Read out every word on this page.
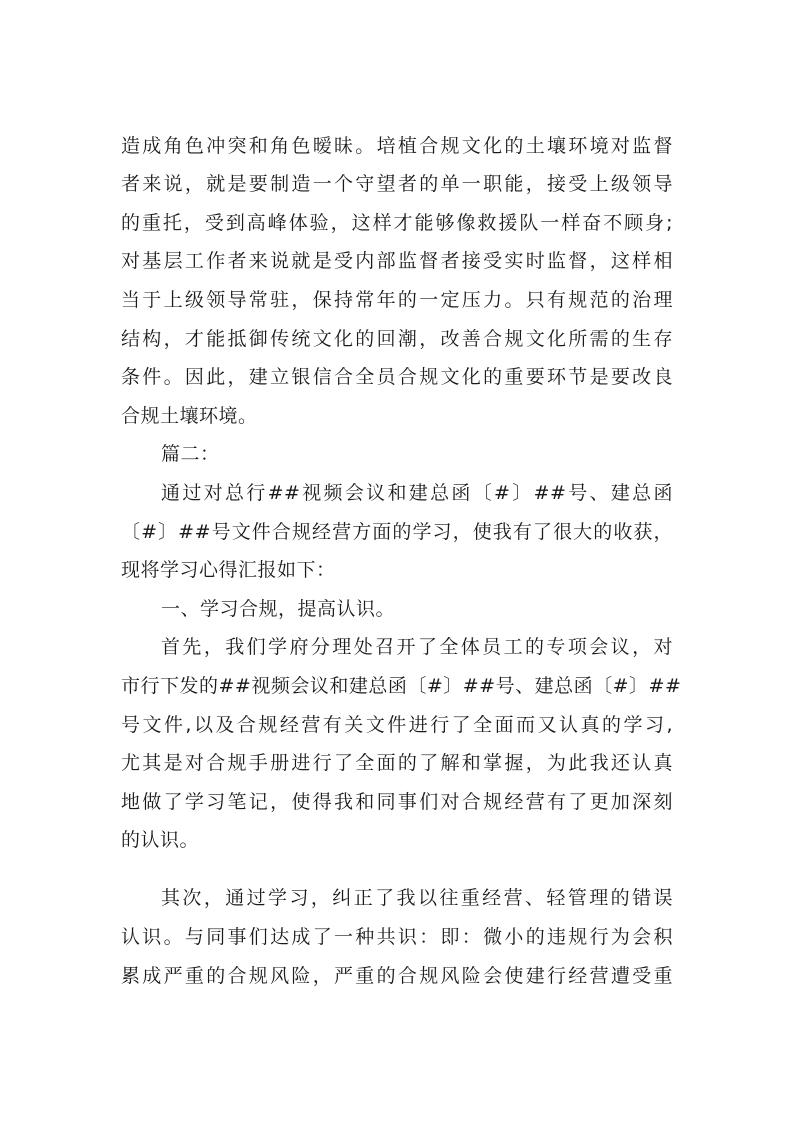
造成角色冲突和角色暧昧。培植合规文化的土壤环境对监督
者来说，就是要制造一个守望者的单一职能，接受上级领导
的重托，受到高峰体验，这样才能够像救援队一样奋不顾身;
对基层工作者来说就是受内部监督者接受实时监督，这样相
当于上级领导常驻，保持常年的一定压力。只有规范的治理
结构，才能抵御传统文化的回潮，改善合规文化所需的生存
条件。因此，建立银信合全员合规文化的重要环节是要改良
合规土壤环境。
篇二：
通过对总行##视频会议和建总函〔#〕##号、建总函
〔#〕##号文件合规经营方面的学习，使我有了很大的收获，
现将学习心得汇报如下：
一、学习合规，提高认识。
首先，我们学府分理处召开了全体员工的专项会议，对
市行下发的##视频会议和建总函〔#〕##号、建总函〔#〕##
号文件,以及合规经营有关文件进行了全面而又认真的学习,
尤其是对合规手册进行了全面的了解和掌握，为此我还认真
地做了学习笔记，使得我和同事们对合规经营有了更加深刻
的认识。
其次，通过学习，纠正了我以往重经营、轻管理的错误
认识。与同事们达成了一种共识：即：微小的违规行为会积
累成严重的合规风险，严重的合规风险会使建行经营遭受重
